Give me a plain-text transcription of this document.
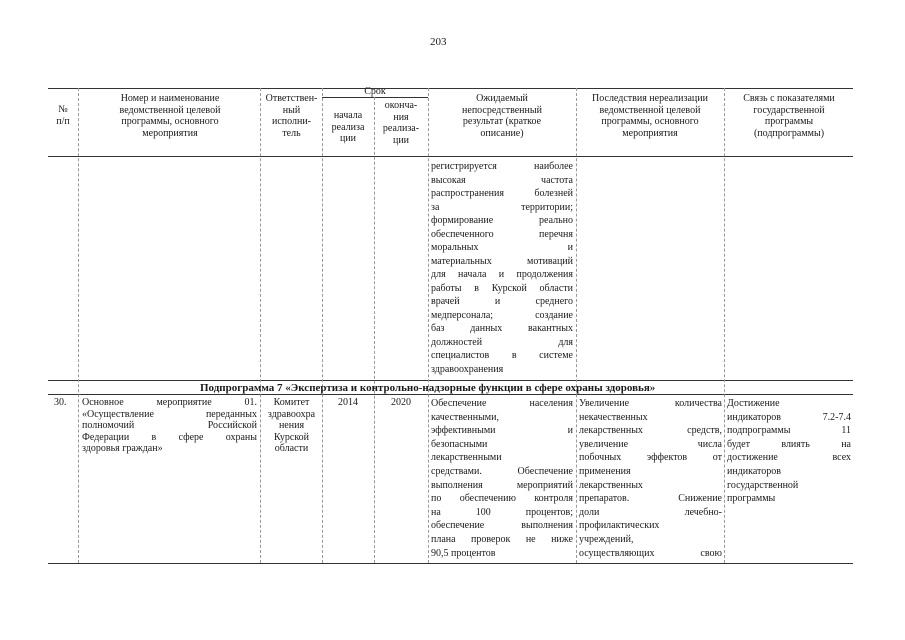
203
№
п/п
Номер и наименование
ведомственной целевой
программы, основного
мероприятия
Ответствен-
ный
исполни-
тель
Срок
начала
реализа
ции
оконча-
ния
реализа-
ции
Ожидаемый
непосредственный
результат (краткое
описание)
Последствия нереализации
ведомственной целевой
программы, основного
мероприятия
Связь с показателями
государственной
программы
(подпрограммы)
регистрируется наиболее
высокая частота
распространения болезней
за территории;
формирование реально
обеспеченного перечня
моральных и
материальных мотиваций
для начала и продолжения
работы в Курской области
врачей и среднего
медперсонала; создание
баз данных вакантных
должностей для
специалистов в системе
здравоохранения
Подпрограмма 7 «Экспертиза и контрольно-надзорные функции в сфере охраны здоровья»
30. Основное мероприятие 01.
«Осуществление переданных
полномочий Российской
Федерации в сфере охраны
здоровья граждан»
Комитет
здравоохра
нения
Курской
области
2014	2020	Обеспечение населения
качественными,
эффективными и
безопасными
лекарственными
средствами. Обеспечение
выполнения мероприятий
по обеспечению контроля
на 100 процентов;
обеспечение выполнения
плана проверок не ниже
90,5 процентов
Увеличение количества
некачественных
лекарственных средств,
увеличение числа
побочных эффектов от
применения
лекарственных
препаратов. Снижение
доли лечебно-
профилактических
учреждений,
осуществляющих свою
Достижение
индикаторов 7.2-7.4
подпрограммы 11
будет влиять на
достижение всех
индикаторов
государственной
программы
